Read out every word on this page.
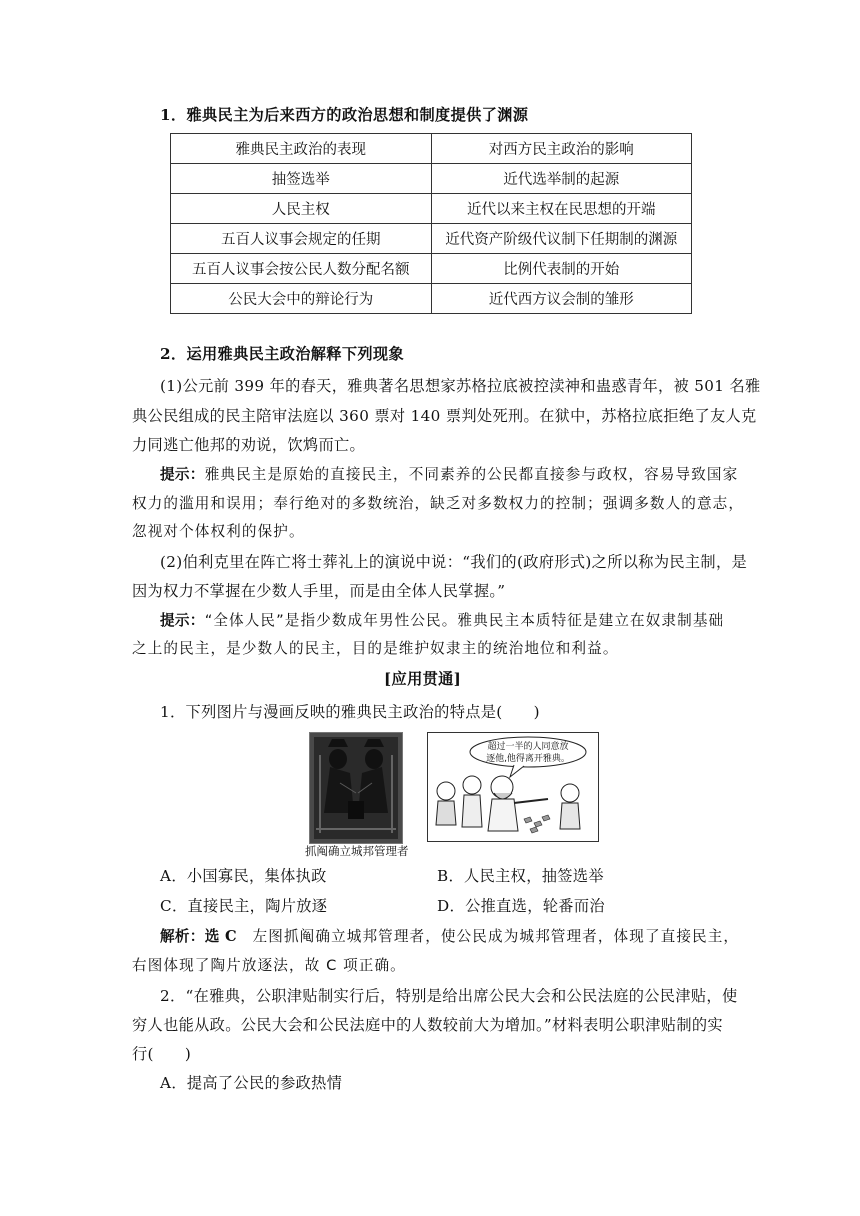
1．雅典民主为后来西方的政治思想和制度提供了渊源
雅典民主政治的表现	对西方民主政治的影响
抽签选举	近代选举制的起源
人民主权	近代以来主权在民思想的开端
五百人议事会规定的任期	近代资产阶级代议制下任期制的渊源
五百人议事会按公民人数分配名额	比例代表制的开始
公民大会中的辩论行为	近代西方议会制的雏形
2．运用雅典民主政治解释下列现象
(1)公元前 399 年的春天，雅典著名思想家苏格拉底被控渎神和蛊惑青年，被 501 名雅
典公民组成的民主陪审法庭以 360 票对 140 票判处死刑。在狱中，苏格拉底拒绝了友人克
力同逃亡他邦的劝说，饮鸩而亡。
提示：雅典民主是原始的直接民主，不同素养的公民都直接参与政权，容易导致国家
权力的滥用和误用；奉行绝对的多数统治，缺乏对多数权力的控制；强调多数人的意志，
忽视对个体权利的保护。
(2)伯利克里在阵亡将士葬礼上的演说中说：“我们的(政府形式)之所以称为民主制，是
因为权力不掌握在少数人手里，而是由全体人民掌握。”
提示：“全体人民”是指少数成年男性公民。雅典民主本质特征是建立在奴隶制基础
之上的民主，是少数人的民主，目的是维护奴隶主的统治地位和利益。
[应用贯通]
1．下列图片与漫画反映的雅典民主政治的特点是(　　)
抓阄确立城邦管理者
超过一半的人同意放
逐他,他得离开雅典。
A．小国寡民，集体执政	B．人民主权，抽签选举
C．直接民主，陶片放逐	D．公推直选，轮番而治
解析：选 C　 左图抓阄确立城邦管理者，使公民成为城邦管理者，体现了直接民主，
右图体现了陶片放逐法，故 C 项正确。
2．“在雅典，公职津贴制实行后，特别是给出席公民大会和公民法庭的公民津贴，使
穷人也能从政。公民大会和公民法庭中的人数较前大为增加。”材料表明公职津贴制的实
行(　　)
A．提高了公民的参政热情
